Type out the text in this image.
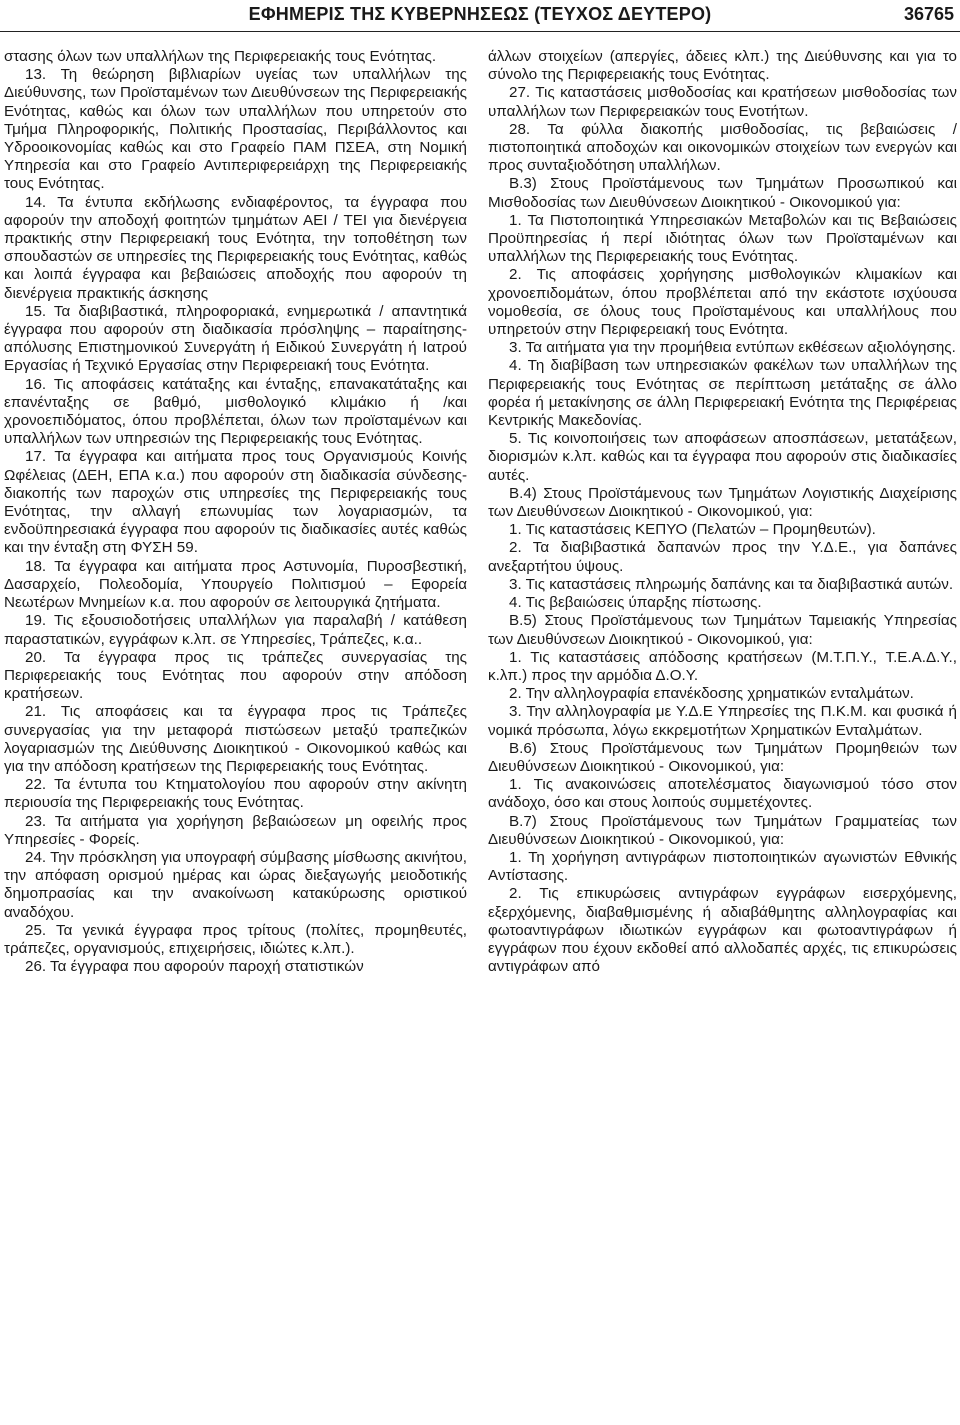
ΕΦΗΜΕΡΙΣ ΤΗΣ ΚΥΒΕΡΝΗΣΕΩΣ (ΤΕΥΧΟΣ ΔΕΥΤΕΡΟ)	36765

στασης όλων των υπαλλήλων της Περιφερειακής τους Ενότητας.

13. Τη θεώρηση βιβλιαρίων υγείας των υπαλλήλων της Διεύθυνσης, των Προϊσταμένων των Διευθύνσεων της Περιφερειακής Ενότητας, καθώς και όλων των υπαλλήλων που υπηρετούν στο Τμήμα Πληροφορικής, Πολιτικής Προστασίας, Περιβάλλοντος και Υδροοικονομίας καθώς και στο Γραφείο ΠΑΜ ΠΣΕΑ, στη Νομική Υπηρεσία και στο Γραφείο Αντιπεριφερειάρχη της Περιφερειακής τους Ενότητας.

14. Τα έντυπα εκδήλωσης ενδιαφέροντος, τα έγγραφα που αφορούν την αποδοχή φοιτητών τμημάτων ΑΕΙ / ΤΕΙ για διενέργεια πρακτικής στην Περιφερειακή τους Ενότητα, την τοποθέτηση των σπουδαστών σε υπηρεσίες της Περιφερειακής τους Ενότητας, καθώς και λοιπά έγγραφα και βεβαιώσεις αποδοχής που αφορούν τη διενέργεια πρακτικής άσκησης

15. Τα διαβιβαστικά, πληροφοριακά, ενημερωτικά / απαντητικά έγγραφα που αφορούν στη διαδικασία πρόσληψης – παραίτησης- απόλυσης Επιστημονικού Συνεργάτη ή Ειδικού Συνεργάτη ή Ιατρού Εργασίας ή Τεχνικό Εργασίας στην Περιφερειακή τους Ενότητα.

16. Τις αποφάσεις κατάταξης και ένταξης, επανακατάταξης και επανένταξης σε βαθμό, μισθολογικό κλιμάκιο ή /και χρονοεπιδόματος, όπου προβλέπεται, όλων των προϊσταμένων και υπαλλήλων των υπηρεσιών της Περιφερειακής τους Ενότητας.

17. Τα έγγραφα και αιτήματα προς τους Οργανισμούς Κοινής Ωφέλειας (ΔΕΗ, ΕΠΑ κ.α.) που αφορούν στη διαδικασία σύνδεσης- διακοπής των παροχών στις υπηρεσίες της Περιφερειακής τους Ενότητας, την αλλαγή επωνυμίας των λογαριασμών, τα ενδοϋπηρεσιακά έγγραφα που αφορούν τις διαδικασίες αυτές καθώς και την ένταξη στη ΦΥΣΗ 59.

18. Τα έγγραφα και αιτήματα προς Αστυνομία, Πυροσβεστική, Δασαρχείο, Πολεοδομία, Υπουργείο Πολιτισμού – Εφορεία Νεωτέρων Μνημείων κ.α. που αφορούν σε λειτουργικά ζητήματα.

19. Τις εξουσιοδοτήσεις υπαλλήλων για παραλαβή / κατάθεση παραστατικών, εγγράφων κ.λπ. σε Υπηρεσίες, Τράπεζες, κ.α..

20. Τα έγγραφα προς τις τράπεζες συνεργασίας της Περιφερειακής τους Ενότητας που αφορούν στην απόδοση κρατήσεων.

21. Τις αποφάσεις και τα έγγραφα προς τις Τράπεζες συνεργασίας για την μεταφορά πιστώσεων μεταξύ τραπεζικών λογαριασμών της Διεύθυνσης Διοικητικού - Οικονομικού καθώς και για την απόδοση κρατήσεων της Περιφερειακής τους Ενότητας.

22. Τα έντυπα του Κτηματολογίου που αφορούν στην ακίνητη περιουσία της Περιφερειακής τους Ενότητας.

23. Τα αιτήματα για χορήγηση βεβαιώσεων μη οφειλής προς Υπηρεσίες - Φορείς.

24. Την πρόσκληση για υπογραφή σύμβασης μίσθωσης ακινήτου, την απόφαση ορισμού ημέρας και ώρας διεξαγωγής μειοδοτικής δημοπρασίας και την ανακοίνωση κατακύρωσης οριστικού αναδόχου.

25. Τα γενικά έγγραφα προς τρίτους (πολίτες, προμηθευτές, τράπεζες, οργανισμούς, επιχειρήσεις, ιδιώτες κ.λπ.).

26. Τα έγγραφα που αφορούν παροχή στατιστικών

άλλων στοιχείων (απεργίες, άδειες κλπ.) της Διεύθυνσης και για το σύνολο της Περιφερειακής τους Ενότητας.

27. Τις καταστάσεις μισθοδοσίας και κρατήσεων μισθοδοσίας των υπαλλήλων των Περιφερειακών τους Ενοτήτων.

28. Τα φύλλα διακοπής μισθοδοσίας, τις βεβαιώσεις / πιστοποιητικά αποδοχών και οικονομικών στοιχείων των ενεργών και προς συνταξιοδότηση υπαλλήλων.

Β.3) Στους Προϊστάμενους των Τμημάτων Προσωπικού και Μισθοδοσίας των Διευθύνσεων Διοικητικού - Οικονομικού για:

1. Τα Πιστοποιητικά Υπηρεσιακών Μεταβολών και τις Βεβαιώσεις Προϋπηρεσίας ή περί ιδιότητας όλων των Προϊσταμένων και υπαλλήλων της Περιφερειακής τους Ενότητας.

2. Τις αποφάσεις χορήγησης μισθολογικών κλιμακίων και χρονοεπιδομάτων, όπου προβλέπεται από την εκάστοτε ισχύουσα νομοθεσία, σε όλους τους Προϊσταμένους και υπαλλήλους που υπηρετούν στην Περιφερειακή τους Ενότητα.

3. Τα αιτήματα για την προμήθεια εντύπων εκθέσεων αξιολόγησης.

4. Τη διαβίβαση των υπηρεσιακών φακέλων των υπαλλήλων της Περιφερειακής τους Ενότητας σε περίπτωση μετάταξης σε άλλο φορέα ή μετακίνησης σε άλλη Περιφερειακή Ενότητα της Περιφέρειας Κεντρικής Μακεδονίας.

5. Τις κοινοποιήσεις των αποφάσεων αποσπάσεων, μετατάξεων, διορισμών κ.λπ. καθώς και τα έγγραφα που αφορούν στις διαδικασίες αυτές.

Β.4) Στους Προϊστάμενους των Τμημάτων Λογιστικής Διαχείρισης των Διευθύνσεων Διοικητικού - Οικονομικού, για:

1. Τις καταστάσεις ΚΕΠΥΟ (Πελατών – Προμηθευτών).

2. Τα διαβιβαστικά δαπανών προς την Υ.Δ.Ε., για δαπάνες ανεξαρτήτου ύψους.

3. Τις καταστάσεις πληρωμής δαπάνης και τα διαβιβαστικά αυτών.

4. Τις βεβαιώσεις ύπαρξης πίστωσης.

Β.5) Στους Προϊστάμενους των Τμημάτων Ταμειακής Υπηρεσίας των Διευθύνσεων Διοικητικού - Οικονομικού, για:

1. Τις καταστάσεις απόδοσης κρατήσεων (Μ.Τ.Π.Υ., Τ.Ε.Α.Δ.Υ., κ.λπ.) προς την αρμόδια Δ.Ο.Υ.

2. Την αλληλογραφία επανέκδοσης χρηματικών ενταλμάτων.

3. Την αλληλογραφία με Υ.Δ.Ε Υπηρεσίες της Π.Κ.Μ. και φυσικά ή νομικά πρόσωπα, λόγω εκκρεμοτήτων Χρηματικών Ενταλμάτων.

Β.6) Στους Προϊστάμενους των Τμημάτων Προμηθειών των Διευθύνσεων Διοικητικού - Οικονομικού, για:

1. Τις ανακοινώσεις αποτελέσματος διαγωνισμού τόσο στον ανάδοχο, όσο και στους λοιπούς συμμετέχοντες.

Β.7) Στους Προϊστάμενους των Τμημάτων Γραμματείας των Διευθύνσεων Διοικητικού - Οικονομικού, για:

1. Τη χορήγηση αντιγράφων πιστοποιητικών αγωνιστών Εθνικής Αντίστασης.

2. Τις επικυρώσεις αντιγράφων εγγράφων εισερχόμενης, εξερχόμενης, διαβαθμισμένης ή αδιαβάθμητης αλληλογραφίας και φωτοαντιγράφων ιδιωτικών εγγράφων και φωτοαντιγράφων ή εγγράφων που έχουν εκδοθεί από αλλοδαπές αρχές, τις επικυρώσεις αντιγράφων από
